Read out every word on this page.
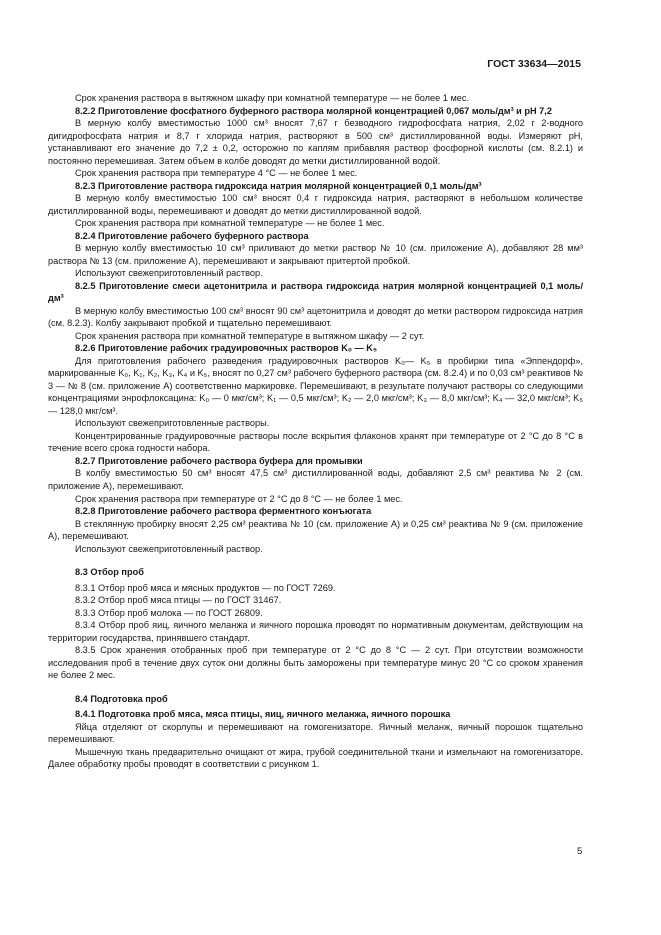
ГОСТ 33634—2015

Срок хранения раствора в вытяжном шкафу при комнатной температуре — не более 1 мес.

8.2.2 Приготовление фосфатного буферного раствора молярной концентрацией 0,067 моль/дм³ и pH 7,2

В мерную колбу вместимостью 1000 см³ вносят 7,67 г безводного гидрофосфата натрия, 2,02 г 2-водного дигидрофосфата натрия и 8,7 г хлорида натрия, растворяют в 500 см³ дистиллированной воды. Измеряют pH, устанавливают его значение до 7,2 ± 0,2, осторожно по каплям прибавляя раствор фосфорной кислоты (см. 8.2.1) и постоянно перемешивая. Затем объем в колбе доводят до метки дистиллированной водой.

Срок хранения раствора при температуре 4 °С — не более 1 мес.

8.2.3 Приготовление раствора гидроксида натрия молярной концентрацией 0,1 моль/дм³

В мерную колбу вместимостью 100 см³ вносят 0,4 г гидроксида натрия, растворяют в небольшом количестве дистиллированной воды, перемешивают и доводят до метки дистиллированной водой.

Срок хранения раствора при комнатной температуре — не более 1 мес.

8.2.4 Приготовление рабочего буферного раствора

В мерную колбу вместимостью 10 см³ приливают до метки раствор № 10 (см. приложение А), добавляют 28 мм³ раствора № 13 (см. приложение А), перемешивают и закрывают притертой пробкой.

Используют свежеприготовленный раствор.

8.2.5 Приготовление смеси ацетонитрила и раствора гидроксида натрия молярной концентрацией 0,1 моль/дм³

В мерную колбу вместимостью 100 см³ вносят 90 см³ ацетонитрила и доводят до метки раствором гидроксида натрия (см. 8.2.3). Колбу закрывают пробкой и тщательно перемешивают.

Срок хранения раствора при комнатной температуре в вытяжном шкафу — 2 сут.

8.2.6 Приготовление рабочих градуировочных растворов K₀ — K₅

Для приготовления рабочего разведения градуировочных растворов K₀— K₅ в пробирки типа «Эппендорф», маркированные K₀, K₁, K₂, K₃, K₄ и K₅, вносят по 0,27 см³ рабочего буферного раствора (см. 8.2.4) и по 0,03 см³ реактивов № 3 — № 8 (см. приложение А) соответственно маркировке. Перемешивают, в результате получают растворы со следующими концентрациями энрофлоксацина: K₀ — 0 мкг/см³; K₁ — 0,5 мкг/см³; K₂ — 2,0 мкг/см³; K₃ — 8,0 мкг/см³; K₄ — 32,0 мкг/см³; K₅ — 128,0 мкг/см³.

Используют свежеприготовленные растворы.

Концентрированные градуировочные растворы после вскрытия флаконов хранят при температуре от 2 °С до 8 °С в течение всего срока годности набора.

8.2.7 Приготовление рабочего раствора буфера для промывки

В колбу вместимостью 50 см³ вносят 47,5 см³ дистиллированной воды, добавляют 2,5 см³ реактива № 2 (см. приложение А), перемешивают.

Срок хранения раствора при температуре от 2 °С до 8 °С — не более 1 мес.

8.2.8 Приготовление рабочего раствора ферментного конъюгата

В стеклянную пробирку вносят 2,25 см³ реактива № 10 (см. приложение А) и 0,25 см³ реактива № 9 (см. приложение А), перемешивают.

Используют свежеприготовленный раствор.

8.3 Отбор проб

8.3.1 Отбор проб мяса и мясных продуктов — по ГОСТ 7269.

8.3.2 Отбор проб мяса птицы — по ГОСТ 31467.

8.3.3 Отбор проб молока — по ГОСТ 26809.

8.3.4 Отбор проб яиц, яичного меланжа и яичного порошка проводят по нормативным документам, действующим на территории государства, принявшего стандарт.

8.3.5 Срок хранения отобранных проб при температуре от 2 °С до 8 °С — 2 сут. При отсутствии возможности исследования проб в течение двух суток они должны быть заморожены при температуре минус 20 °С со сроком хранения не более 2 мес.

8.4 Подготовка проб

8.4.1 Подготовка проб мяса, мяса птицы, яиц, яичного меланжа, яичного порошка

Яйца отделяют от скорлупы и перемешивают на гомогенизаторе. Яичный меланж, яичный порошок тщательно перемешивают.

Мышечную ткань предварительно очищают от жира, грубой соединительной ткани и измельчают на гомогенизаторе. Далее обработку пробы проводят в соответствии с рисунком 1.

5
